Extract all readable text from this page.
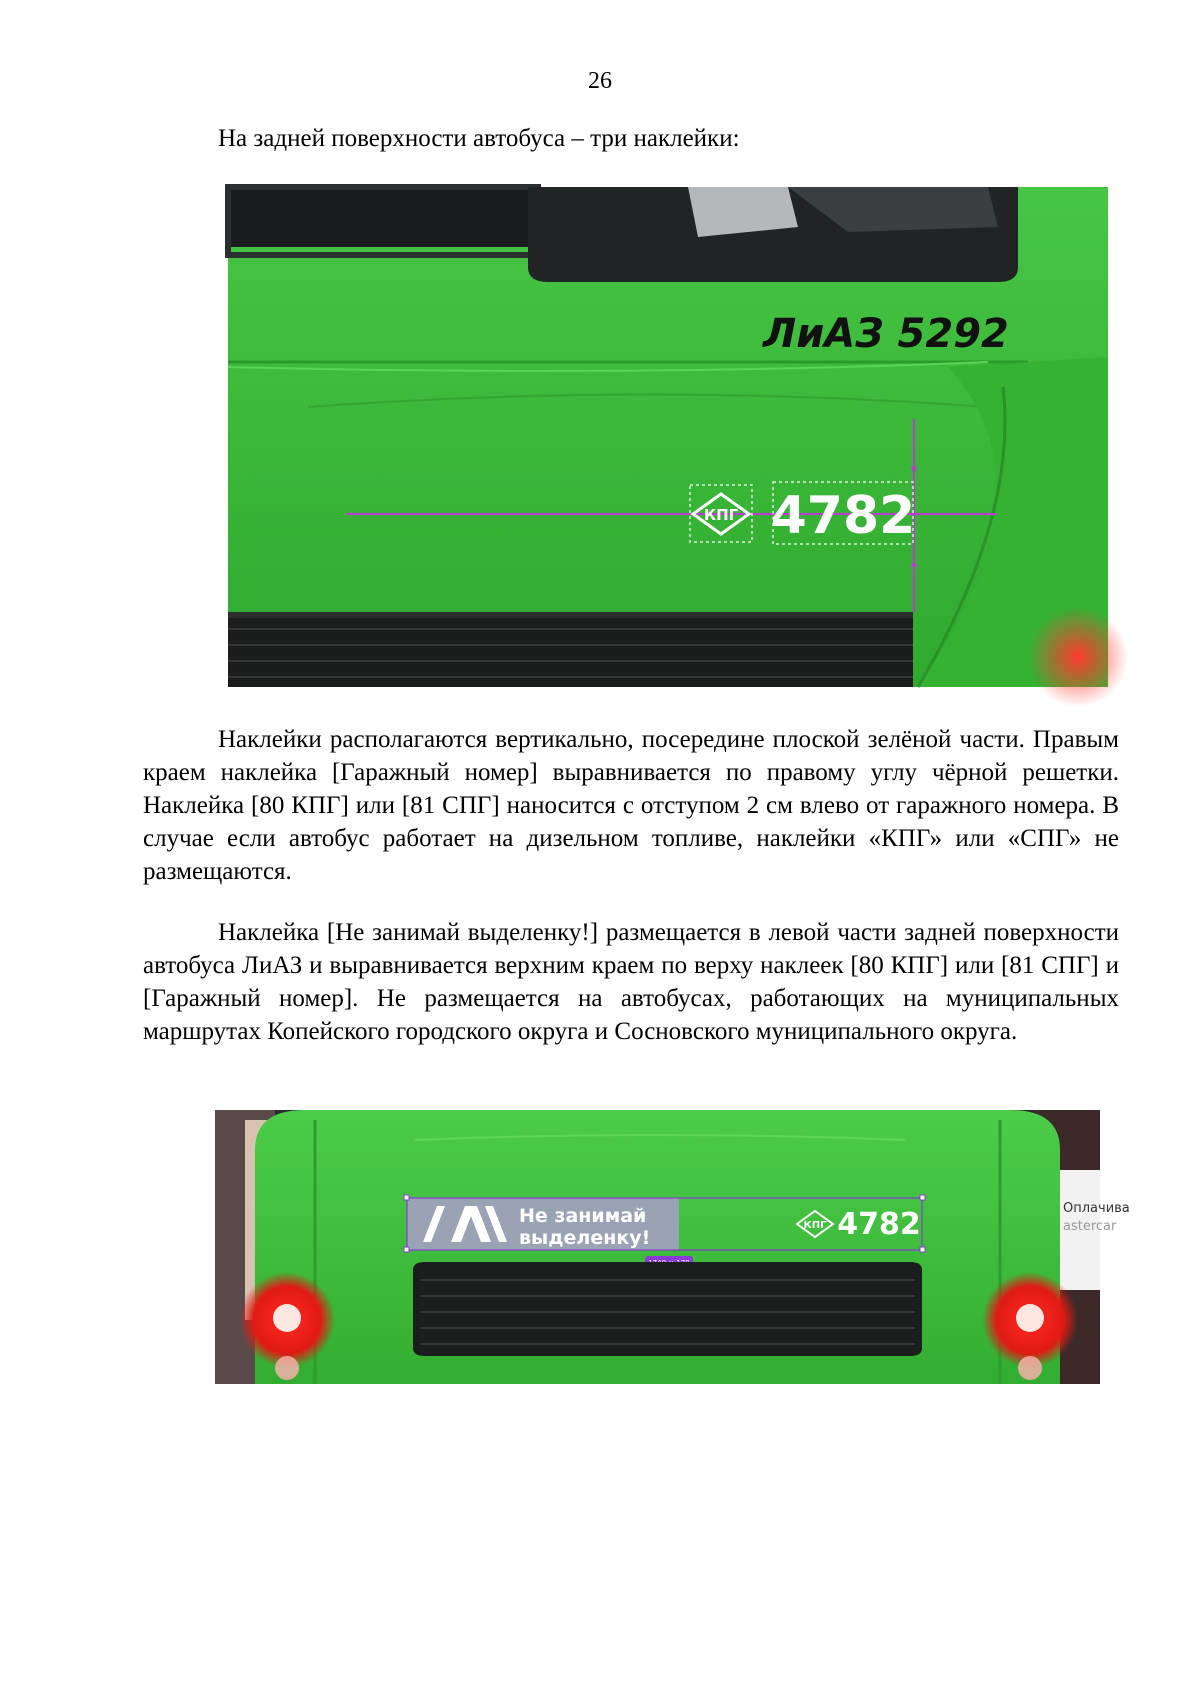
26

На задней поверхности автобуса – три наклейки:

ЛиАЗ 5292
КПГ 4782

Наклейки располагаются вертикально, посередине плоской зелёной части. Правым краем наклейка [Гаражный номер] выравнивается по правому углу чёрной решетки. Наклейка [80 КПГ] или [81 СПГ] наносится с отступом 2 см влево от гаражного номера. В случае если автобус работает на дизельном топливе, наклейки «КПГ» или «СПГ» не размещаются.

Наклейка [Не занимай выделенку!] размещается в левой части задней поверхности автобуса ЛиАЗ и выравнивается верхним краем по верху наклеек [80 КПГ] или [81 СПГ] и [Гаражный номер]. Не размещается на автобусах, работающих на муниципальных маршрутах Копейского городского округа и Сосновского муниципального округа.

Оплачива
astercar
Не занимай
выделенку!
КПГ 4782
